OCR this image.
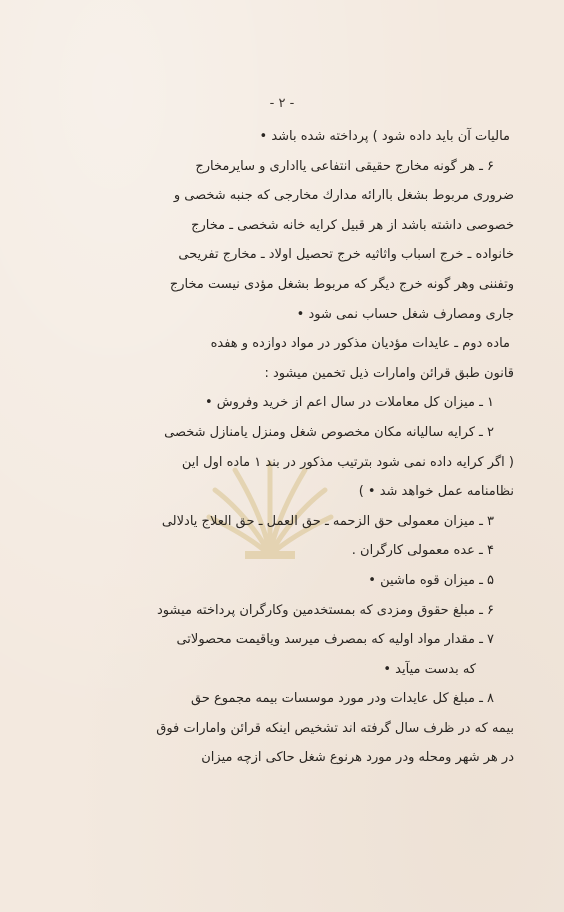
- ۲ -
مالیات آن باید داده شود ) پرداخته شده باشد •
۶ ـ هر گونه مخارج حقیقی انتفاعی یااداری و سایرمخارج
ضروری مربوط بشغل باارائه مدارك مخارجی كه جنبه شخصی و
خصوصی داشته باشد از هر قبیل كرایه خانه شخصی ـ مخارج
خانواده ـ خرج اسباب واثاثیه خرج تحصیل اولاد ـ مخارج تفریحی
وتفننی وهر گونه خرج دیگر كه مربوط بشغل مؤدی نیست مخارج
جاری ومصارف شغل حساب نمی شود •
ماده دوم ـ عایدات مؤدیان مذكور در مواد دوازده و هفده
قانون طبق قرائن وامارات ذیل تخمین میشود :
۱ ـ میزان كل معاملات در سال اعم از خرید وفروش •
۲ ـ كرایه سالیانه مكان مخصوص شغل ومنزل یامنازل شخصی
( اگر كرایه داده نمی شود بترتیب مذكور در بند ۱ ماده اول این
نظامنامه عمل خواهد شد • )
۳ ـ میزان معمولی حق الزحمه ـ حق العمل ـ حق العلاج یادلالی
۴ ـ عده معمولی كارگران .
۵ ـ میزان قوه ماشین •
۶ ـ مبلغ حقوق ومزدی كه بمستخدمین وكارگران پرداخته میشود
۷ ـ مقدار مواد اولیه كه بمصرف میرسد ویاقیمت محصولاتی
كه بدست میآید •
۸ ـ مبلغ كل عایدات ودر مورد موسسات بیمه مجموع حق
بیمه كه در ظرف سال گرفته اند تشخیص اینكه قرائن وامارات فوق
در هر شهر ومحله ودر مورد هرنوع شغل حاكی ازچه میزان
